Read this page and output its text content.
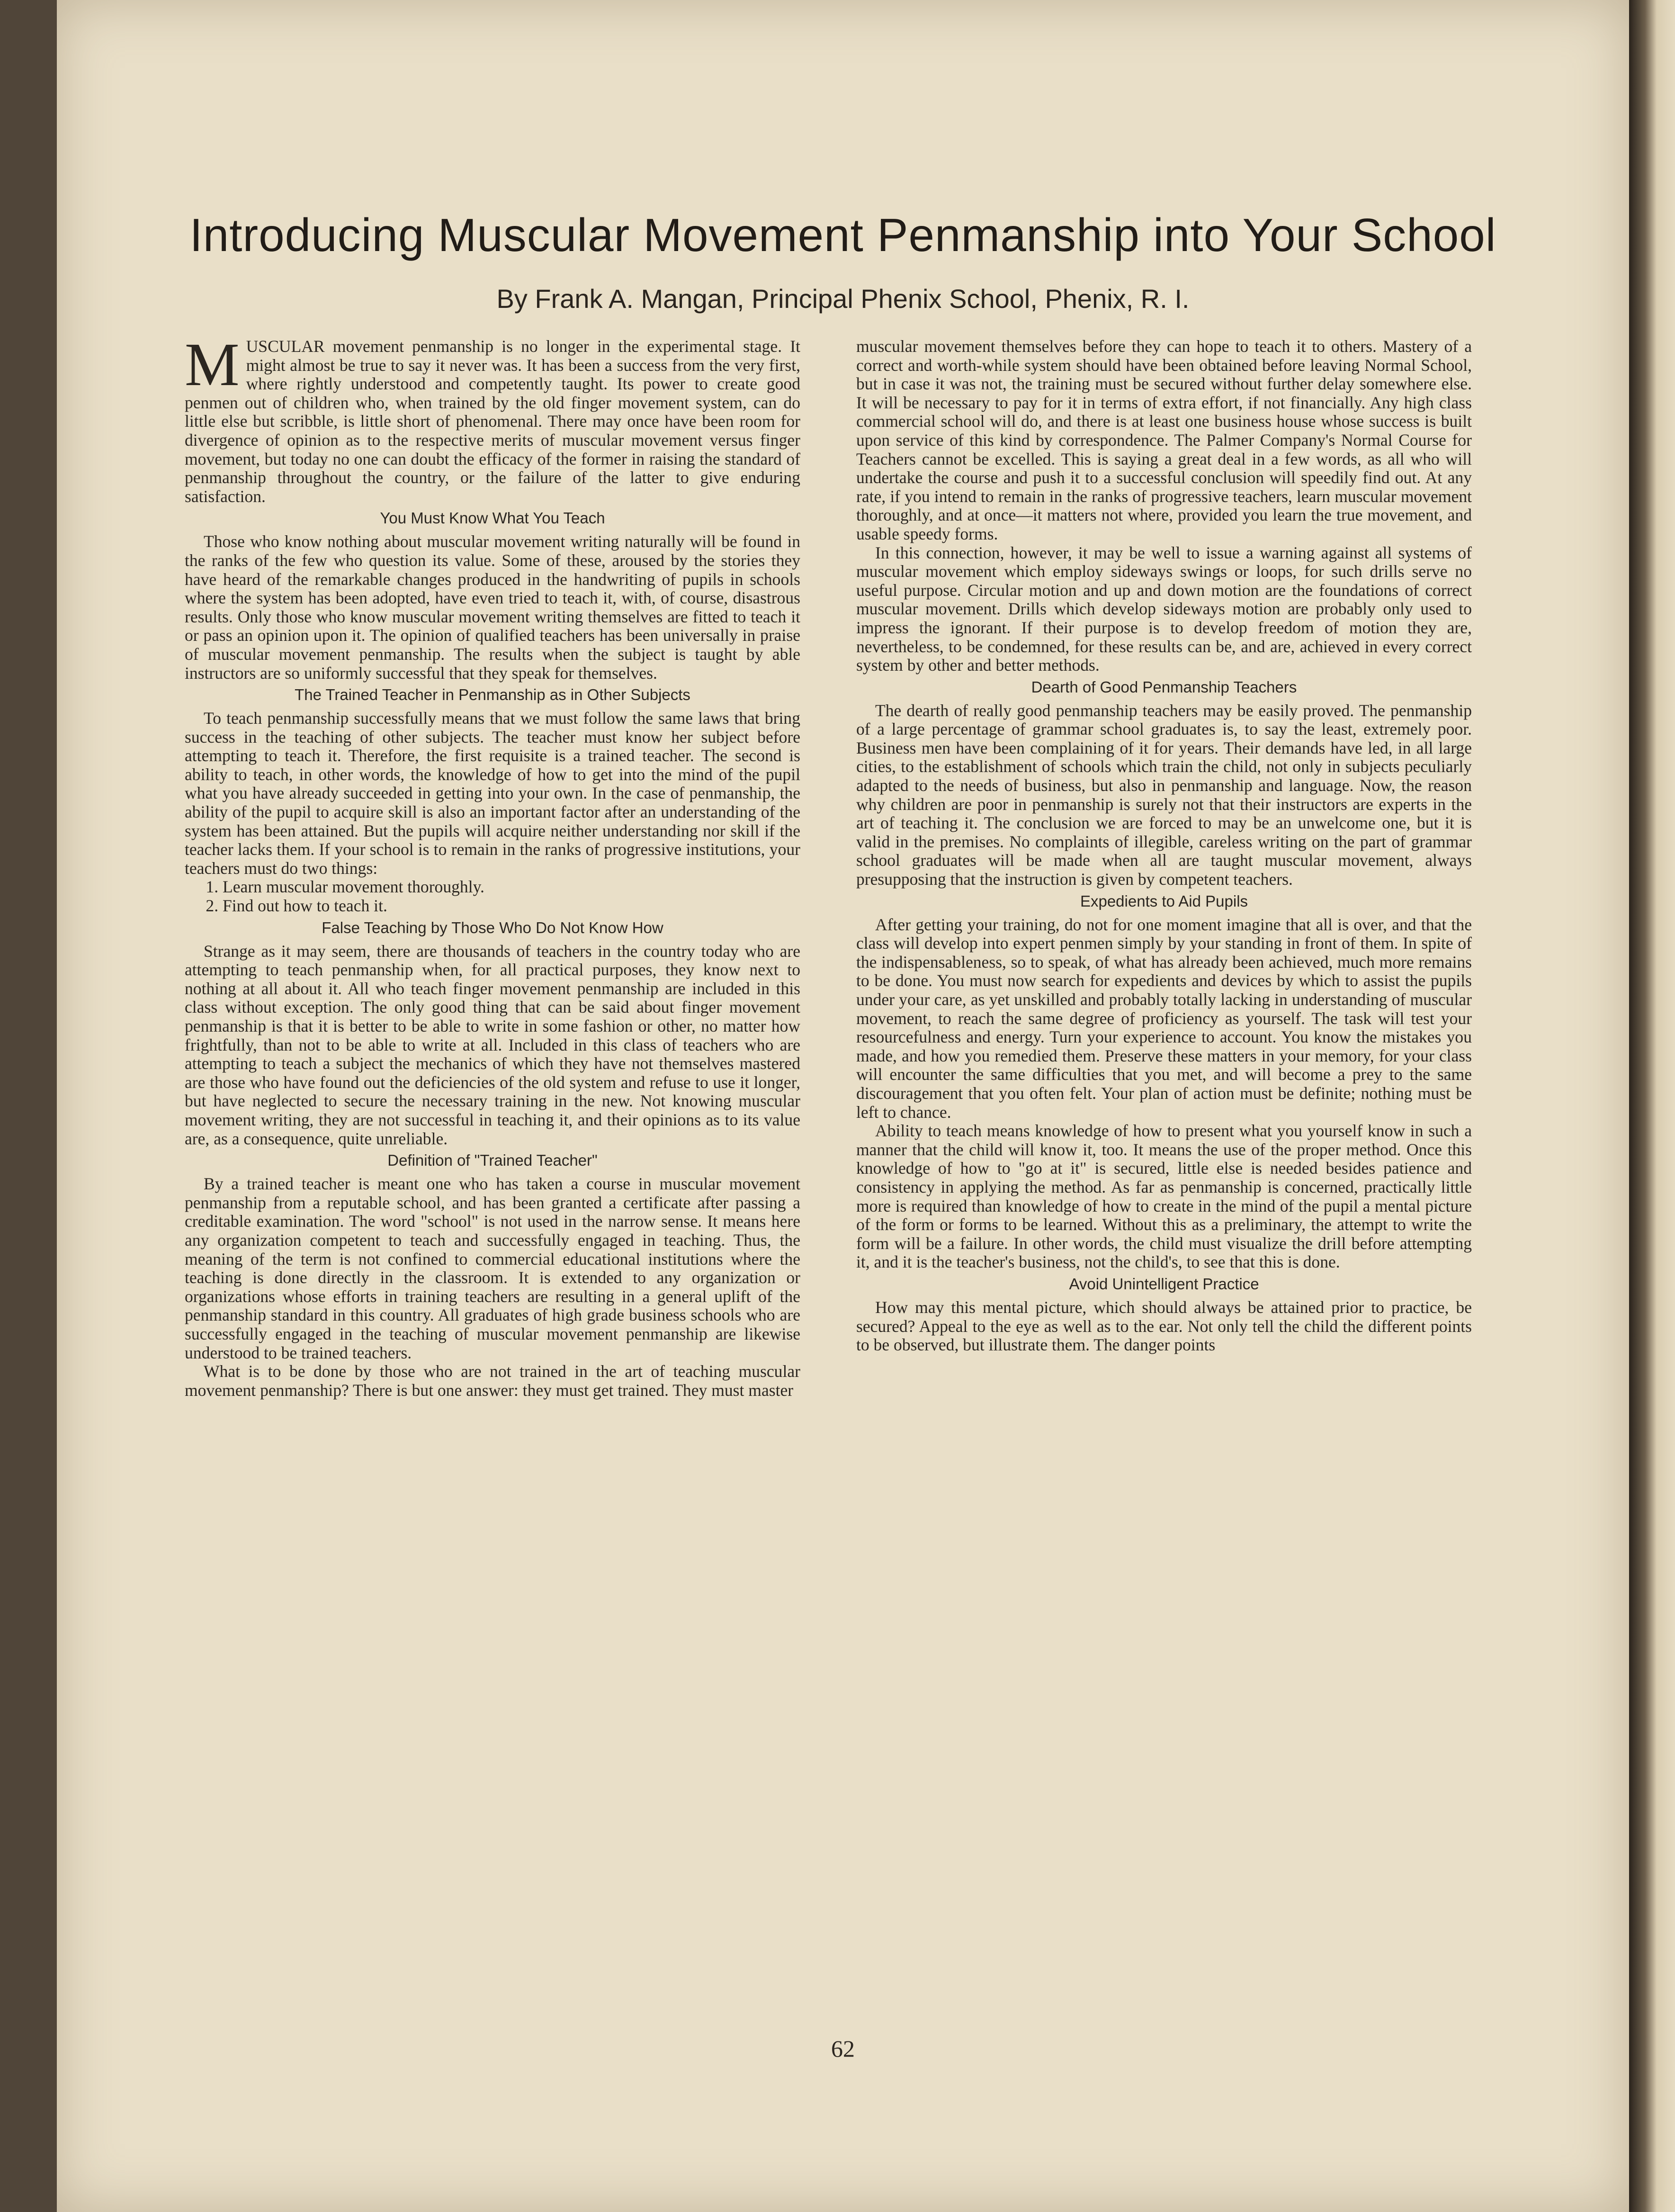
Introducing Muscular Movement Penmanship into Your School
By Frank A. Mangan, Principal Phenix School, Phenix, R. I.

MUSCULAR movement penmanship is no longer in the experimental stage. It might almost be true to say it never was. It has been a success from the very first, where rightly understood and competently taught. Its power to create good penmen out of children who, when trained by the old finger movement system, can do little else but scribble, is little short of phenomenal. There may once have been room for divergence of opinion as to the respective merits of muscular movement versus finger movement, but today no one can doubt the efficacy of the former in raising the standard of penmanship throughout the country, or the failure of the latter to give enduring satisfaction.

You Must Know What You Teach

Those who know nothing about muscular movement writing naturally will be found in the ranks of the few who question its value. Some of these, aroused by the stories they have heard of the remarkable changes produced in the handwriting of pupils in schools where the system has been adopted, have even tried to teach it, with, of course, disastrous results. Only those who know muscular movement writing themselves are fitted to teach it or pass an opinion upon it. The opinion of qualified teachers has been universally in praise of muscular movement penmanship. The results when the subject is taught by able instructors are so uniformly successful that they speak for themselves.

The Trained Teacher in Penmanship as in Other Subjects

To teach penmanship successfully means that we must follow the same laws that bring success in the teaching of other subjects. The teacher must know her subject before attempting to teach it. Therefore, the first requisite is a trained teacher. The second is ability to teach, in other words, the knowledge of how to get into the mind of the pupil what you have already succeeded in getting into your own. In the case of penmanship, the ability of the pupil to acquire skill is also an important factor after an understanding of the system has been attained. But the pupils will acquire neither understanding nor skill if the teacher lacks them. If your school is to remain in the ranks of progressive institutions, your teachers must do two things:

1. Learn muscular movement thoroughly.
2. Find out how to teach it.
False Teaching by Those Who Do Not Know How

Strange as it may seem, there are thousands of teachers in the country today who are attempting to teach penmanship when, for all practical purposes, they know next to nothing at all about it. All who teach finger movement penmanship are included in this class without exception. The only good thing that can be said about finger movement penmanship is that it is better to be able to write in some fashion or other, no matter how frightfully, than not to be able to write at all. Included in this class of teachers who are attempting to teach a subject the mechanics of which they have not themselves mastered are those who have found out the deficiencies of the old system and refuse to use it longer, but have neglected to secure the necessary training in the new. Not knowing muscular movement writing, they are not successful in teaching it, and their opinions as to its value are, as a consequence, quite unreliable.

Definition of "Trained Teacher"

By a trained teacher is meant one who has taken a course in muscular movement penmanship from a reputable school, and has been granted a certificate after passing a creditable examination. The word "school" is not used in the narrow sense. It means here any organization competent to teach and successfully engaged in teaching. Thus, the meaning of the term is not confined to commercial educational institutions where the teaching is done directly in the classroom. It is extended to any organization or organizations whose efforts in training teachers are resulting in a general uplift of the penmanship standard in this country. All graduates of high grade business schools who are successfully engaged in the teaching of muscular movement penmanship are likewise understood to be trained teachers.

What is to be done by those who are not trained in the art of teaching muscular movement penmanship? There is but one answer: they must get trained. They must master

muscular movement themselves before they can hope to teach it to others. Mastery of a correct and worth-while system should have been obtained before leaving Normal School, but in case it was not, the training must be secured without further delay somewhere else. It will be necessary to pay for it in terms of extra effort, if not financially. Any high class commercial school will do, and there is at least one business house whose success is built upon service of this kind by correspondence. The Palmer Company's Normal Course for Teachers cannot be excelled. This is saying a great deal in a few words, as all who will undertake the course and push it to a successful conclusion will speedily find out. At any rate, if you intend to remain in the ranks of progressive teachers, learn muscular movement thoroughly, and at once—it matters not where, provided you learn the true movement, and usable speedy forms.

In this connection, however, it may be well to issue a warning against all systems of muscular movement which employ sideways swings or loops, for such drills serve no useful purpose. Circular motion and up and down motion are the foundations of correct muscular movement. Drills which develop sideways motion are probably only used to impress the ignorant. If their purpose is to develop freedom of motion they are, nevertheless, to be condemned, for these results can be, and are, achieved in every correct system by other and better methods.

Dearth of Good Penmanship Teachers

The dearth of really good penmanship teachers may be easily proved. The penmanship of a large percentage of grammar school graduates is, to say the least, extremely poor. Business men have been complaining of it for years. Their demands have led, in all large cities, to the establishment of schools which train the child, not only in subjects peculiarly adapted to the needs of business, but also in penmanship and language. Now, the reason why children are poor in penmanship is surely not that their instructors are experts in the art of teaching it. The conclusion we are forced to may be an unwelcome one, but it is valid in the premises. No complaints of illegible, careless writing on the part of grammar school graduates will be made when all are taught muscular movement, always presupposing that the instruction is given by competent teachers.

Expedients to Aid Pupils

After getting your training, do not for one moment imagine that all is over, and that the class will develop into expert penmen simply by your standing in front of them. In spite of the indispensableness, so to speak, of what has already been achieved, much more remains to be done. You must now search for expedients and devices by which to assist the pupils under your care, as yet unskilled and probably totally lacking in understanding of muscular movement, to reach the same degree of proficiency as yourself. The task will test your resourcefulness and energy. Turn your experience to account. You know the mistakes you made, and how you remedied them. Preserve these matters in your memory, for your class will encounter the same difficulties that you met, and will become a prey to the same discouragement that you often felt. Your plan of action must be definite; nothing must be left to chance.

Ability to teach means knowledge of how to present what you yourself know in such a manner that the child will know it, too. It means the use of the proper method. Once this knowledge of how to "go at it" is secured, little else is needed besides patience and consistency in applying the method. As far as penmanship is concerned, practically little more is required than knowledge of how to create in the mind of the pupil a mental picture of the form or forms to be learned. Without this as a preliminary, the attempt to write the form will be a failure. In other words, the child must visualize the drill before attempting it, and it is the teacher's business, not the child's, to see that this is done.

Avoid Unintelligent Practice

How may this mental picture, which should always be attained prior to practice, be secured? Appeal to the eye as well as to the ear. Not only tell the child the different points to be observed, but illustrate them. The danger points

62
